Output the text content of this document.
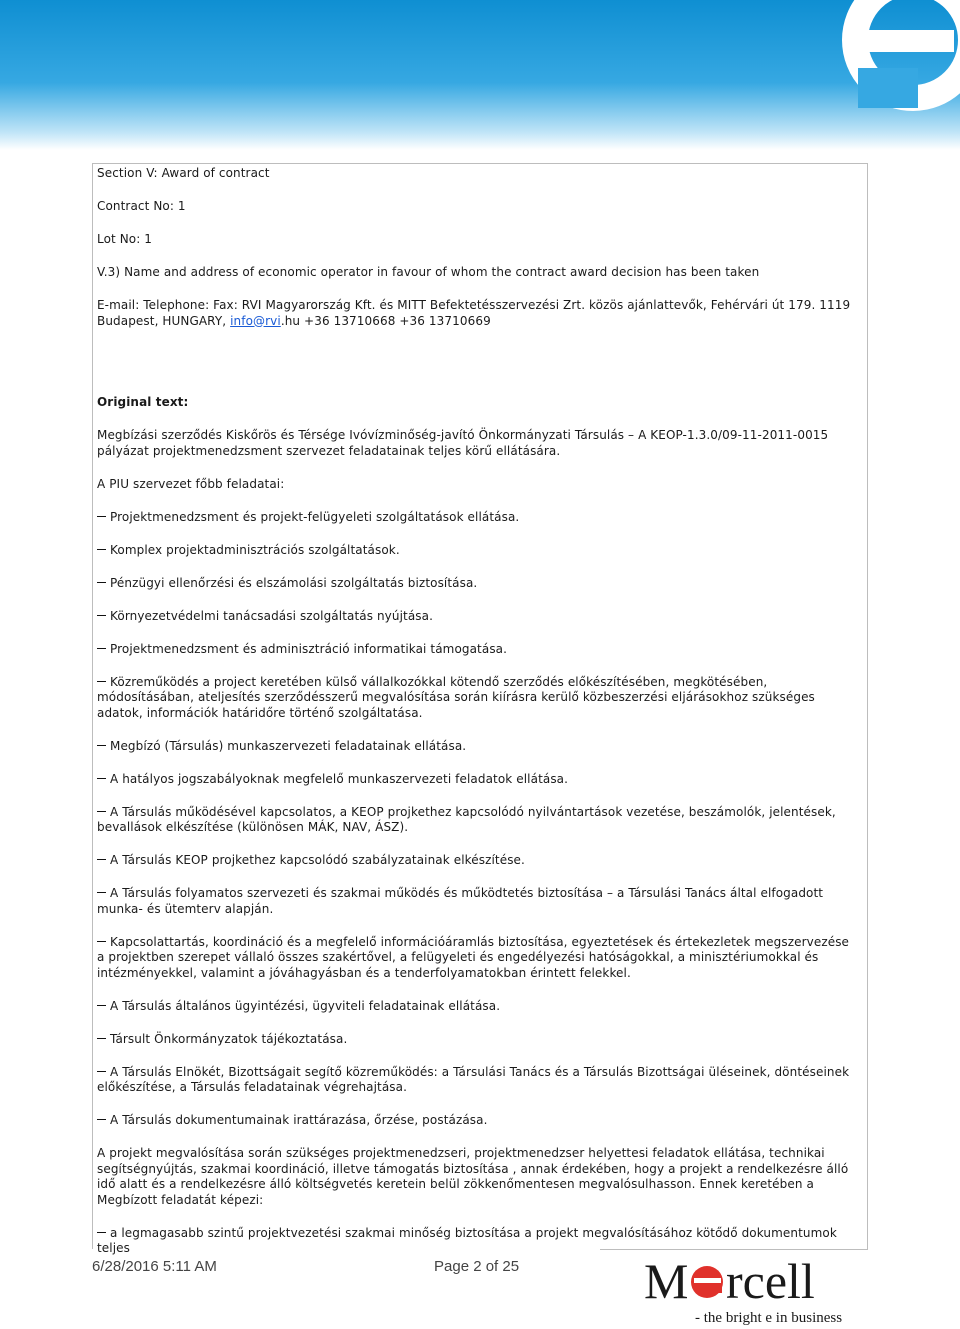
Section V: Award of contract
Contract No: 1
Lot No: 1
V.3) Name and address of economic operator in favour of whom the contract award decision has been taken
E-mail: Telephone: Fax: RVI Magyarország Kft. és MITT Befektetésszervezési Zrt. közös ajánlattevők, Fehérvári út 179. 1119
Budapest, HUNGARY, info@rvi.hu +36 13710668 +36 13710669
Original text:
Megbízási szerződés Kiskőrös és Térsége Ivóvízminőség-javító Önkormányzati Társulás – A KEOP-1.3.0/09-11-2011-0015 pályázat projektmenedzsment szervezet feladatainak teljes körű ellátására.
A PIU szervezet főbb feladatai:
Projektmenedzsment és projekt-felügyeleti szolgáltatások ellátása.
Komplex projektadminisztrációs szolgáltatások.
Pénzügyi ellenőrzési és elszámolási szolgáltatás biztosítása.
Környezetvédelmi tanácsadási szolgáltatás nyújtása.
Projektmenedzsment és adminisztráció informatikai támogatása.
Közreműködés a project keretében külső vállalkozókkal kötendő szerződés előkészítésében, megkötésében, módosításában, ateljesítés szerződésszerű megvalósítása során kiírásra kerülő közbeszerzési eljárásokhoz szükséges adatok, információk határidőre történő szolgáltatása.
Megbízó (Társulás) munkaszervezeti feladatainak ellátása.
A hatályos jogszabályoknak megfelelő munkaszervezeti feladatok ellátása.
A Társulás működésével kapcsolatos, a KEOP projkethez kapcsolódó nyilvántartások vezetése, beszámolók, jelentések, bevallások elkészítése (különösen MÁK, NAV, ÁSZ).
A Társulás KEOP projkethez kapcsolódó szabályzatainak elkészítése.
A Társulás folyamatos szervezeti és szakmai működés és működtetés biztosítása – a Társulási Tanács által elfogadott munka- és ütemterv alapján.
Kapcsolattartás, koordináció és a megfelelő információáramlás biztosítása, egyeztetések és értekezletek megszervezése a projektben szerepet vállaló összes szakértővel, a felügyeleti és engedélyezési hatóságokkal, a minisztériumokkal és intézményekkel, valamint a jóváhagyásban és a tenderfolyamatokban érintett felekkel.
A Társulás általános ügyintézési, ügyviteli feladatainak ellátása.
Társult Önkormányzatok tájékoztatása.
A Társulás Elnökét, Bizottságait segítő közreműködés: a Társulási Tanács és a Társulás Bizottságai üléseinek, döntéseinek előkészítése, a Társulás feladatainak végrehajtása.
A Társulás dokumentumainak irattárazása, őrzése, postázása.
A projekt megvalósítása során szükséges projektmenedzseri, projektmenedzser helyettesi feladatok ellátása, technikai segítségnyújtás, szakmai koordináció, illetve támogatás biztosítása , annak érdekében, hogy a projekt a rendelkezésre álló idő alatt és a rendelkezésre álló költségvetés keretein belül zökkenőmentesen megvalósulhasson. Ennek keretében a Megbízott feladatát képezi:
a legmagasabb szintű projektvezetési szakmai minőség biztosítása a projekt megvalósításához kötődő dokumentumok teljes
6/28/2016 5:11 AM	Page 2 of 25 M rcell
- the bright e in business
